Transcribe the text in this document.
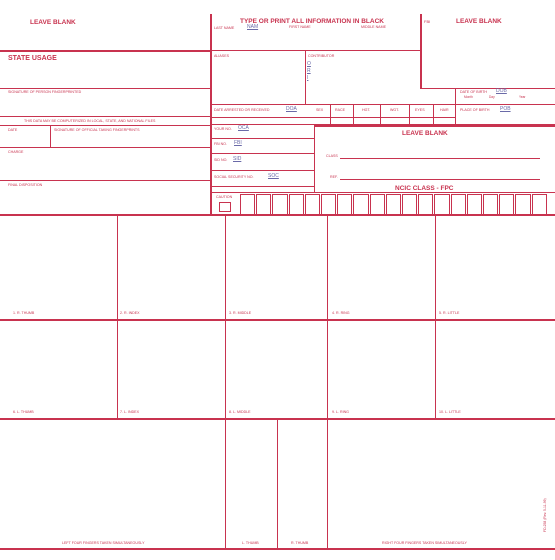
LEAVE BLANK
STATE USAGE
SIGNATURE OF PERSON FINGERPRINTED
THIS DATA MAY BE COMPUTERIZED IN LOCAL, STATE, AND NATIONAL FILES
DATE	SIGNATURE OF OFFICIAL TAKING FINGERPRINTS
CHARGE
FINAL DISPOSITION
TYPE OR PRINT ALL INFORMATION IN BLACK
LAST NAME	NAM	FIRST NAME	MIDDLE NAME
ALIASES	CONTRIBUTOR
O
R
I
DATE ARRESTED OR RECEIVED	DOA
YOUR NO. OCA
FBI NO. FBI
SID NO. SID
SOCIAL SECURITY NO.	SOC
CAUTION
SEX	RACE	HGT.	WGT.	EYES	HAIR
FBI	LEAVE BLANK
DATE OF BIRTH DOB
Month	Day	Year
PLACE OF BIRTH POB
LEAVE BLANK
CLASS
REF.
NCIC CLASS - FPC
1. R. THUMB	2. R. INDEX	3. R. MIDDLE	4. R. RING	5. R. LITTLE
6. L. THUMB	7. L. INDEX	8. L. MIDDLE	9. L. RING	10. L. LITTLE
LEFT FOUR FINGERS TAKEN SIMULTANEOUSLY	L. THUMB	R. THUMB	RIGHT FOUR FINGERS TAKEN SIMULTANEOUSLY
FD-258 (Rev. 5-11-99)
